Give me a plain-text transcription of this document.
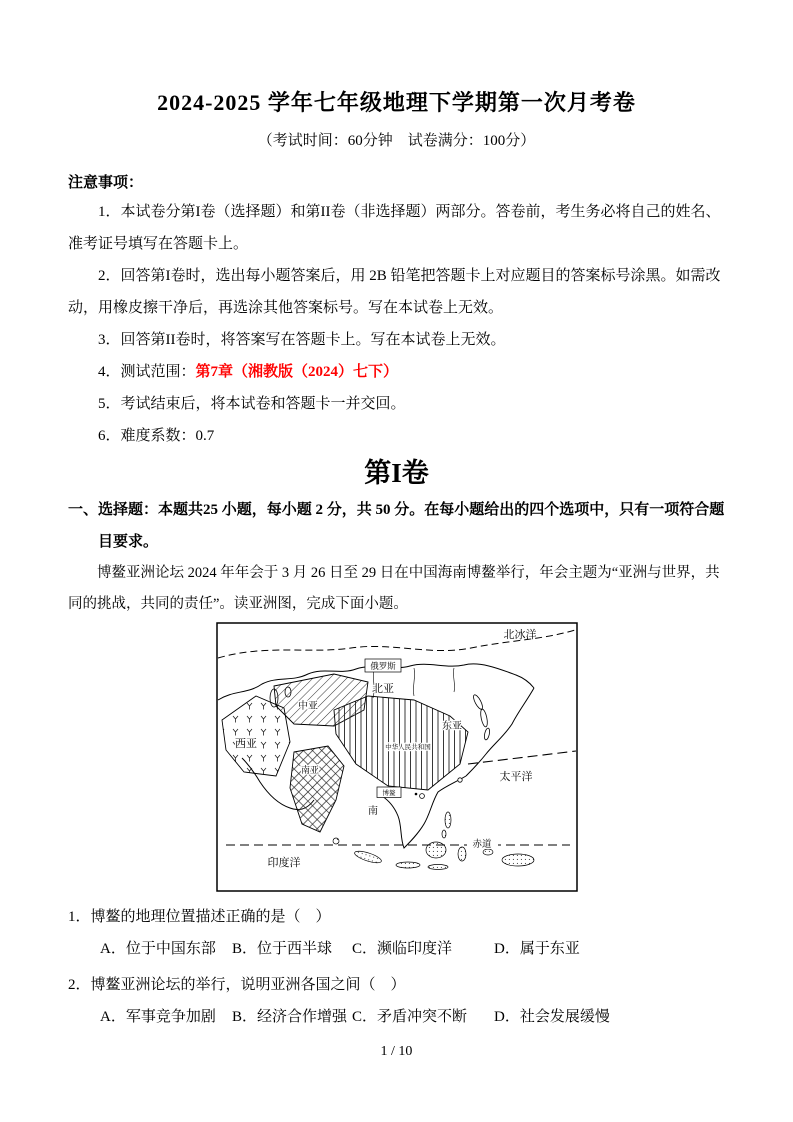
2024-2025 学年七年级地理下学期第一次月考卷
（考试时间：60分钟　试卷满分：100分）
注意事项：

1．本试卷分第I卷（选择题）和第II卷（非选择题）两部分。答卷前，考生务必将自己的姓名、准考证号填写在答题卡上。

2．回答第I卷时，选出每小题答案后，用 2B 铅笔把答题卡上对应题目的答案标号涂黑。如需改动，用橡皮擦干净后，再选涂其他答案标号。写在本试卷上无效。

3．回答第II卷时，将答案写在答题卡上。写在本试卷上无效。

4．测试范围：第7章（湘教版（2024）七下）

5．考试结束后，将本试卷和答题卡一并交回。

6．难度系数：0.7

第I卷

一、选择题：本题共25 小题，每小题 2 分，共 50 分。在每小题给出的四个选项中，只有一项符合题目要求。

博鳌亚洲论坛 2024 年年会于 3 月 26 日至 29 日在中国海南博鳌举行，年会主题为“亚洲与世界，共同的挑战，共同的责任”。读亚洲图，完成下面小题。

北冰洋
俄罗斯
北亚
中亚
西亚
东亚
中华人民共和国
南亚
南
博鳌
太平洋
赤道
印度洋

1．博鳌的地理位置描述正确的是（　）

A．位于中国东部	B．位于西半球	C．濒临印度洋	D．属于东亚

2．博鳌亚洲论坛的举行，说明亚洲各国之间（　）

A．军事竞争加剧	B．经济合作增强 C．矛盾冲突不断	D．社会发展缓慢
1 / 10
